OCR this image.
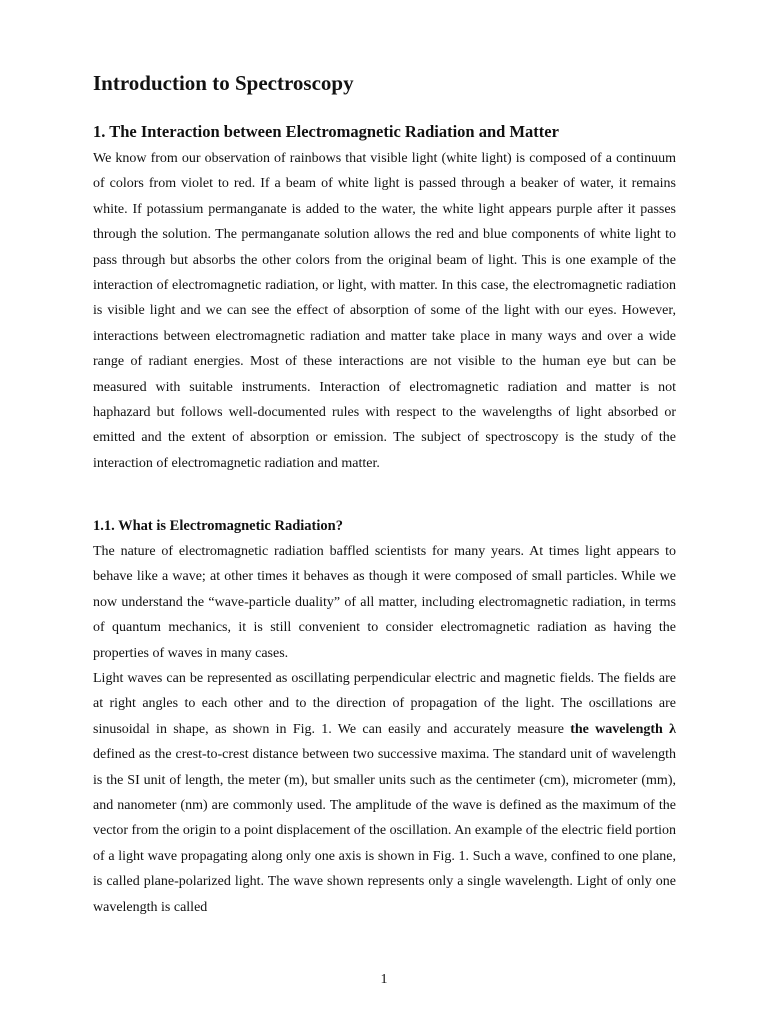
Introduction to Spectroscopy
1. The Interaction between Electromagnetic Radiation and Matter

We know from our observation of rainbows that visible light (white light) is composed of a continuum of colors from violet to red. If a beam of white light is passed through a beaker of water, it remains white. If potassium permanganate is added to the water, the white light appears purple after it passes through the solution. The permanganate solution allows the red and blue components of white light to pass through but absorbs the other colors from the original beam of light. This is one example of the interaction of electromagnetic radiation, or light, with matter. In this case, the electromagnetic radiation is visible light and we can see the effect of absorption of some of the light with our eyes. However, interactions between electromagnetic radiation and matter take place in many ways and over a wide range of radiant energies. Most of these interactions are not visible to the human eye but can be measured with suitable instruments. Interaction of electromagnetic radiation and matter is not haphazard but follows well-documented rules with respect to the wavelengths of light absorbed or emitted and the extent of absorption or emission. The subject of spectroscopy is the study of the interaction of electromagnetic radiation and matter.

1.1. What is Electromagnetic Radiation?

The nature of electromagnetic radiation baffled scientists for many years. At times light appears to behave like a wave; at other times it behaves as though it were composed of small particles. While we now understand the “wave-particle duality” of all matter, including electromagnetic radiation, in terms of quantum mechanics, it is still convenient to consider electromagnetic radiation as having the properties of waves in many cases.

Light waves can be represented as oscillating perpendicular electric and magnetic fields. The fields are at right angles to each other and to the direction of propagation of the light. The oscillations are sinusoidal in shape, as shown in Fig. 1. We can easily and accurately measure the wavelength λ defined as the crest-to-crest distance between two successive maxima. The standard unit of wavelength is the SI unit of length, the meter (m), but smaller units such as the centimeter (cm), micrometer (mm), and nanometer (nm) are commonly used. The amplitude of the wave is defined as the maximum of the vector from the origin to a point displacement of the oscillation. An example of the electric field portion of a light wave propagating along only one axis is shown in Fig. 1. Such a wave, confined to one plane, is called plane-polarized light. The wave shown represents only a single wavelength. Light of only one wavelength is called

1
